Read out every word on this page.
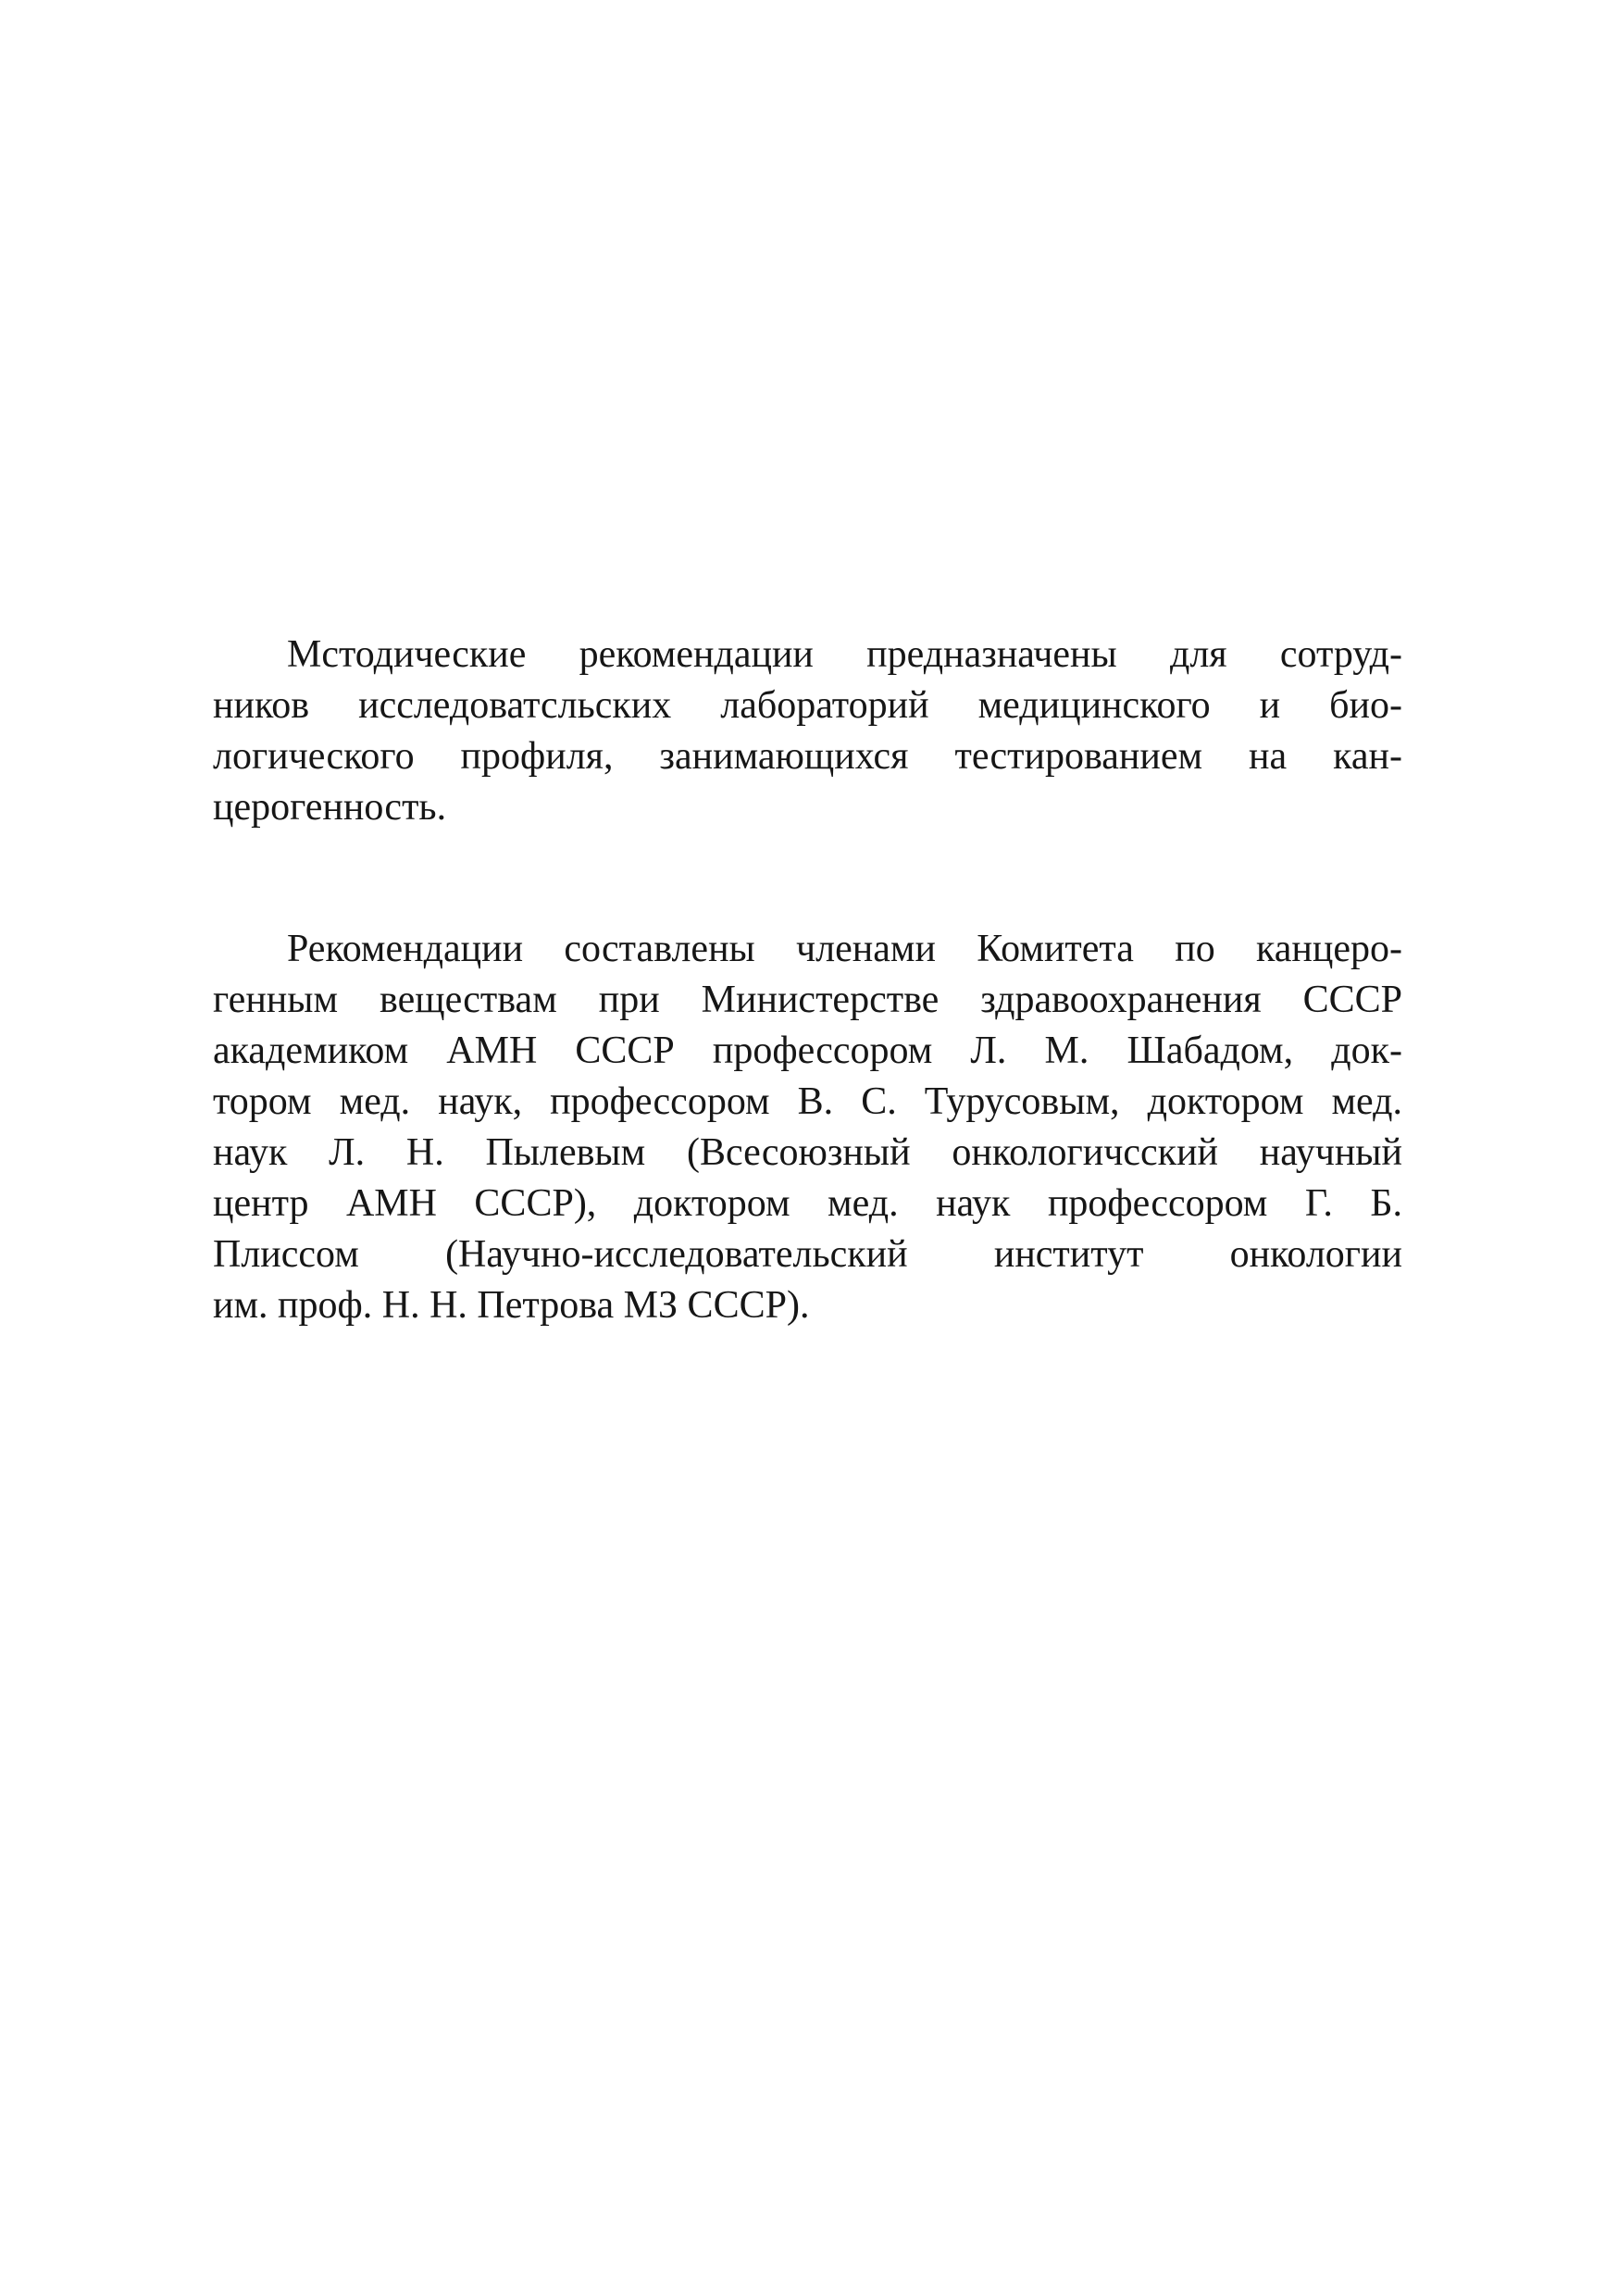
Мстодические рекомендации предназначены для сотруд-
ников исследоватсльских лабораторий медицинского и био-
логического профиля, занимающихся тестированием на кан-
церогенность.

Рекомендации составлены членами Комитета по канцеро-
генным веществам при Министерстве здравоохранения СССР
академиком АМН СССР профессором Л. М. Шабадом, док-
тором мед. наук, профессором В. С. Турусовым, доктором мед.
наук Л. Н. Пылевым (Всесоюзный онкологичсский научный
центр АМН СССР), доктором мед. наук профессором Г. Б.
Плиссом (Научно-исследовательский институт онкологии
им. проф. Н. Н. Петрова МЗ СССР).
